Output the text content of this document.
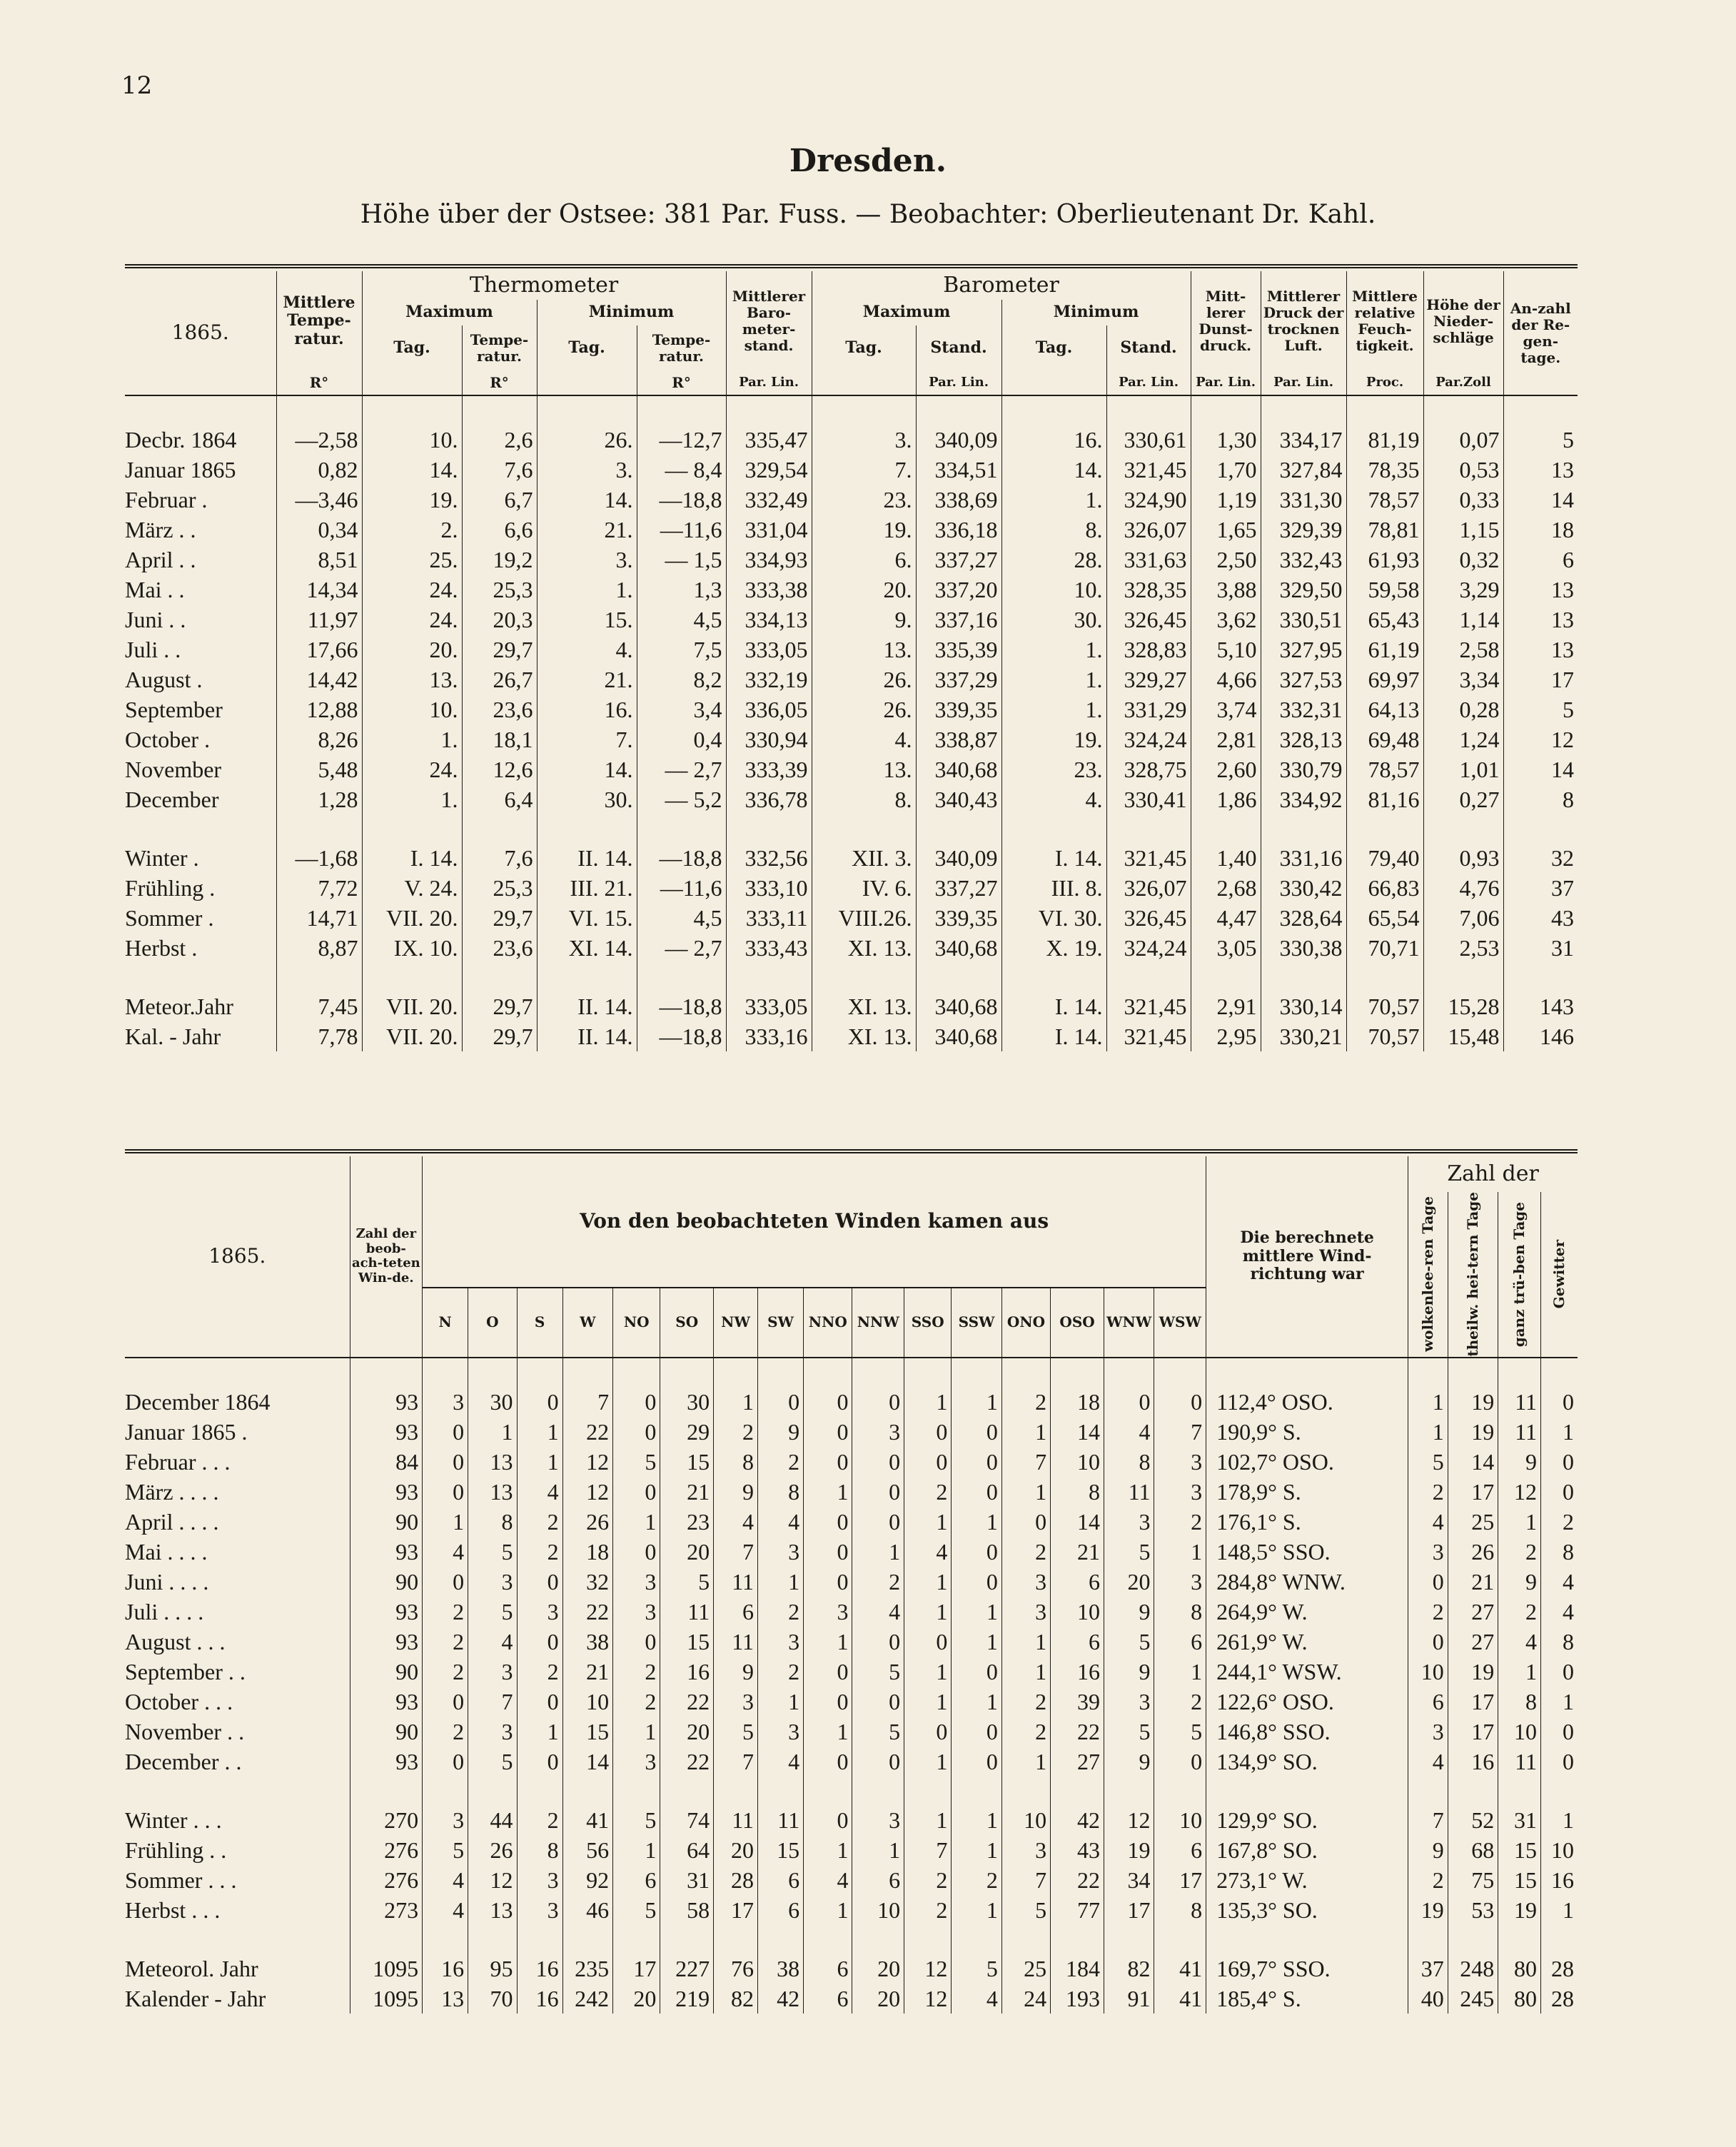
12
Dresden.
Höhe über der Ostsee: 381 Par. Fuss. — Beobachter: Oberlieutenant Dr. Kahl.
1865.	Mittlere Tempe-ratur.	Thermometer				Mittlerer Baro-meter-stand.	Barometer				Mitt-lerer Dunst-druck.	Mittlerer Druck der trocknen Luft.	Mittlere relative Feuch-tigkeit.	Höhe der Nieder-schläge	An-zahl der Re-gen-tage.
		Maximum		Minimum			Maximum		Minimum						
		Tag.	Tempe-ratur.	Tag.	Tempe-ratur.		Tag.	Stand.	Tag.	Stand.					
	R°		R°		R°	Par. Lin.		Par. Lin.		Par. Lin.	Par. Lin.	Par. Lin.	Proc.	Par.Zoll	

Decbr. 1864	—2,58	10.	2,6	26.	—12,7	335,47	3.	340,09	16.	330,61	1,30	334,17	81,19	0,07	5
Januar 1865	0,82	14.	7,6	3.	— 8,4	329,54	7.	334,51	14.	321,45	1,70	327,84	78,35	0,53	13
Februar .	—3,46	19.	6,7	14.	—18,8	332,49	23.	338,69	1.	324,90	1,19	331,30	78,57	0,33	14
März . .	0,34	2.	6,6	21.	—11,6	331,04	19.	336,18	8.	326,07	1,65	329,39	78,81	1,15	18
April . .	8,51	25.	19,2	3.	— 1,5	334,93	6.	337,27	28.	331,63	2,50	332,43	61,93	0,32	6
Mai . .	14,34	24.	25,3	1.	1,3	333,38	20.	337,20	10.	328,35	3,88	329,50	59,58	3,29	13
Juni . .	11,97	24.	20,3	15.	4,5	334,13	9.	337,16	30.	326,45	3,62	330,51	65,43	1,14	13
Juli . .	17,66	20.	29,7	4.	7,5	333,05	13.	335,39	1.	328,83	5,10	327,95	61,19	2,58	13
August .	14,42	13.	26,7	21.	8,2	332,19	26.	337,29	1.	329,27	4,66	327,53	69,97	3,34	17
September	12,88	10.	23,6	16.	3,4	336,05	26.	339,35	1.	331,29	3,74	332,31	64,13	0,28	5
October .	8,26	1.	18,1	7.	0,4	330,94	4.	338,87	19.	324,24	2,81	328,13	69,48	1,24	12
November	5,48	24.	12,6	14.	— 2,7	333,39	13.	340,68	23.	328,75	2,60	330,79	78,57	1,01	14
December	1,28	1.	6,4	30.	— 5,2	336,78	8.	340,43	4.	330,41	1,86	334,92	81,16	0,27	8

Winter .	—1,68	I. 14.	7,6	II. 14.	—18,8	332,56	XII. 3.	340,09	I. 14.	321,45	1,40	331,16	79,40	0,93	32
Frühling .	7,72	V. 24.	25,3	III. 21.	—11,6	333,10	IV. 6.	337,27	III. 8.	326,07	2,68	330,42	66,83	4,76	37
Sommer .	14,71	VII. 20.	29,7	VI. 15.	4,5	333,11	VIII.26.	339,35	VI. 30.	326,45	4,47	328,64	65,54	7,06	43
Herbst .	8,87	IX. 10.	23,6	XI. 14.	— 2,7	333,43	XI. 13.	340,68	X. 19.	324,24	3,05	330,38	70,71	2,53	31

Meteor.Jahr	7,45	VII. 20.	29,7	II. 14.	—18,8	333,05	XI. 13.	340,68	I. 14.	321,45	2,91	330,14	70,57	15,28	143
Kal. - Jahr	7,78	VII. 20.	29,7	II. 14.	—18,8	333,16	XI. 13.	340,68	I. 14.	321,45	2,95	330,21	70,57	15,48	146
1865.	Zahl der beob-ach-teten Win-de.	Von den beobachteten Winden kamen aus																Die berechnete mittlere Wind-richtung war	Zahl der			

																			wolkenlee-ren Tage	theilw. hei-tern Tage	ganz trü-ben Tage	Gewitter

		N	O	S	W	NO	SO	NW	SW	NNO	NNW	SSO	SSW	ONO	OSO	WNW	WSW					

December 1864	93	3	30	0	7	0	30	1	0	0	0	1	1	2	18	0	0	112,4° OSO.	1	19	11	0
Januar 1865 .	93	0	1	1	22	0	29	2	9	0	3	0	0	1	14	4	7	190,9° S.	1	19	11	1
Februar . . .	84	0	13	1	12	5	15	8	2	0	0	0	0	7	10	8	3	102,7° OSO.	5	14	9	0
März . . . .	93	0	13	4	12	0	21	9	8	1	0	2	0	1	8	11	3	178,9° S.	2	17	12	0
April . . . .	90	1	8	2	26	1	23	4	4	0	0	1	1	0	14	3	2	176,1° S.	4	25	1	2
Mai . . . .	93	4	5	2	18	0	20	7	3	0	1	4	0	2	21	5	1	148,5° SSO.	3	26	2	8
Juni . . . .	90	0	3	0	32	3	5	11	1	0	2	1	0	3	6	20	3	284,8° WNW.	0	21	9	4
Juli . . . .	93	2	5	3	22	3	11	6	2	3	4	1	1	3	10	9	8	264,9° W.	2	27	2	4
August . . .	93	2	4	0	38	0	15	11	3	1	0	0	1	1	6	5	6	261,9° W.	0	27	4	8
September . .	90	2	3	2	21	2	16	9	2	0	5	1	0	1	16	9	1	244,1° WSW.	10	19	1	0
October . . .	93	0	7	0	10	2	22	3	1	0	0	1	1	2	39	3	2	122,6° OSO.	6	17	8	1
November . .	90	2	3	1	15	1	20	5	3	1	5	0	0	2	22	5	5	146,8° SSO.	3	17	10	0
December . .	93	0	5	0	14	3	22	7	4	0	0	1	0	1	27	9	0	134,9° SO.	4	16	11	0

Winter . . .	270	3	44	2	41	5	74	11	11	0	3	1	1	10	42	12	10	129,9° SO.	7	52	31	1
Frühling . .	276	5	26	8	56	1	64	20	15	1	1	7	1	3	43	19	6	167,8° SO.	9	68	15	10
Sommer . . .	276	4	12	3	92	6	31	28	6	4	6	2	2	7	22	34	17	273,1° W.	2	75	15	16
Herbst . . .	273	4	13	3	46	5	58	17	6	1	10	2	1	5	77	17	8	135,3° SO.	19	53	19	1

Meteorol. Jahr	1095	16	95	16	235	17	227	76	38	6	20	12	5	25	184	82	41	169,7° SSO.	37	248	80	28
Kalender - Jahr	1095	13	70	16	242	20	219	82	42	6	20	12	4	24	193	91	41	185,4° S.	40	245	80	28
